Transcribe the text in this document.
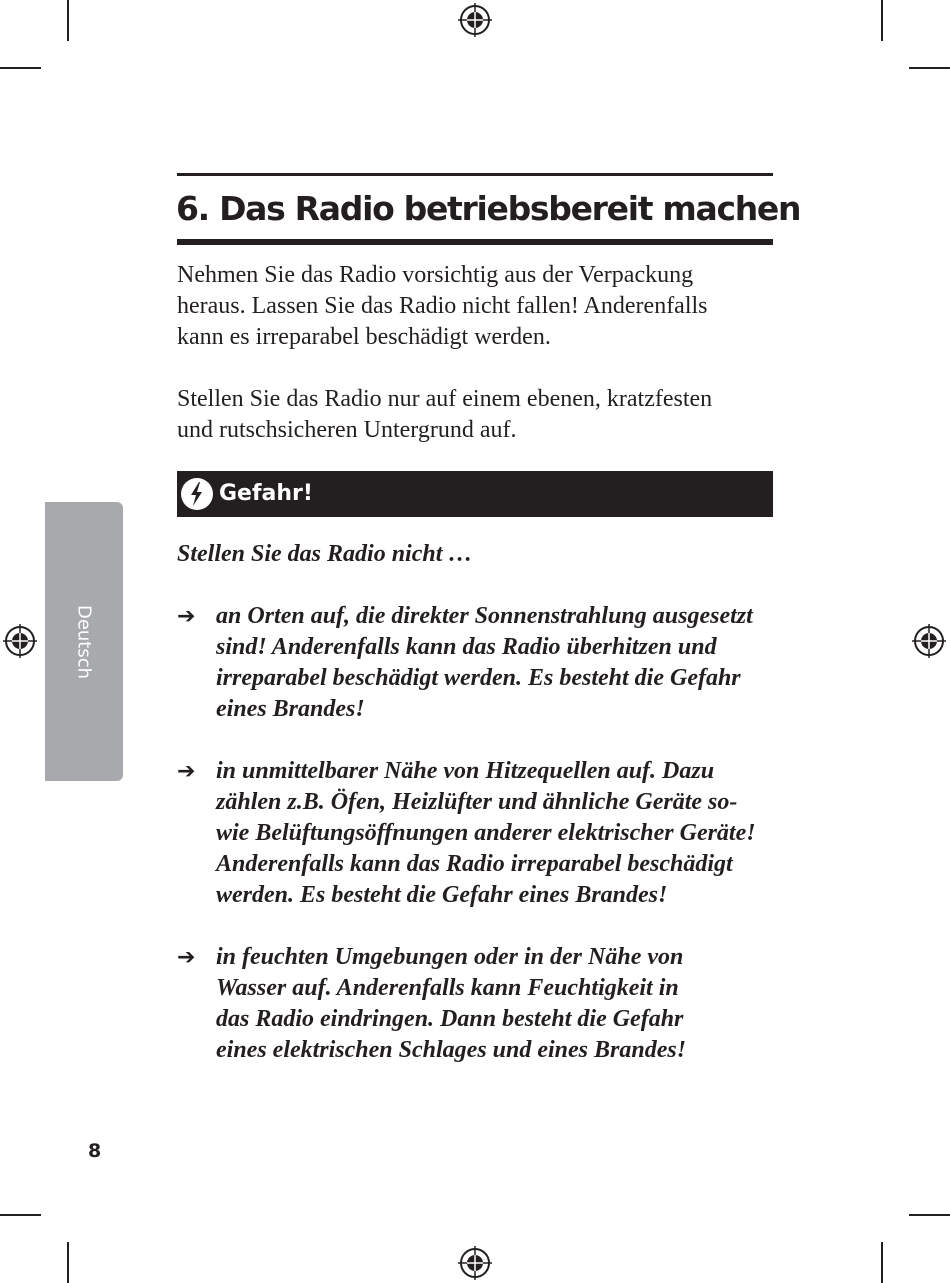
6. Das Radio betriebsbereit machen

Nehmen Sie das Radio vorsichtig aus der Verpackung
heraus. Lassen Sie das Radio nicht fallen! Anderenfalls
kann es irreparabel beschädigt werden.

Stellen Sie das Radio nur auf einem ebenen, kratzfesten
und rutschsicheren Untergrund auf.

Gefahr!

Stellen Sie das Radio nicht …

➔ an Orten auf, die direkter Sonnenstrahlung ausgesetzt
sind! Anderenfalls kann das Radio überhitzen und
irreparabel beschädigt werden. Es besteht die Gefahr
eines Brandes!

➔ in unmittelbarer Nähe von Hitzequellen auf. Dazu
zählen z.B. Öfen, Heizlüfter und ähnliche Geräte so-
wie Belüftungsöffnungen anderer elektrischer Geräte!
Anderenfalls kann das Radio irreparabel beschädigt
werden. Es besteht die Gefahr eines Brandes!

➔ in feuchten Umgebungen oder in der Nähe von
Wasser auf. Anderenfalls kann Feuchtigkeit in
das Radio eindringen. Dann besteht die Gefahr
eines elektrischen Schlages und eines Brandes!

Deutsch

8
